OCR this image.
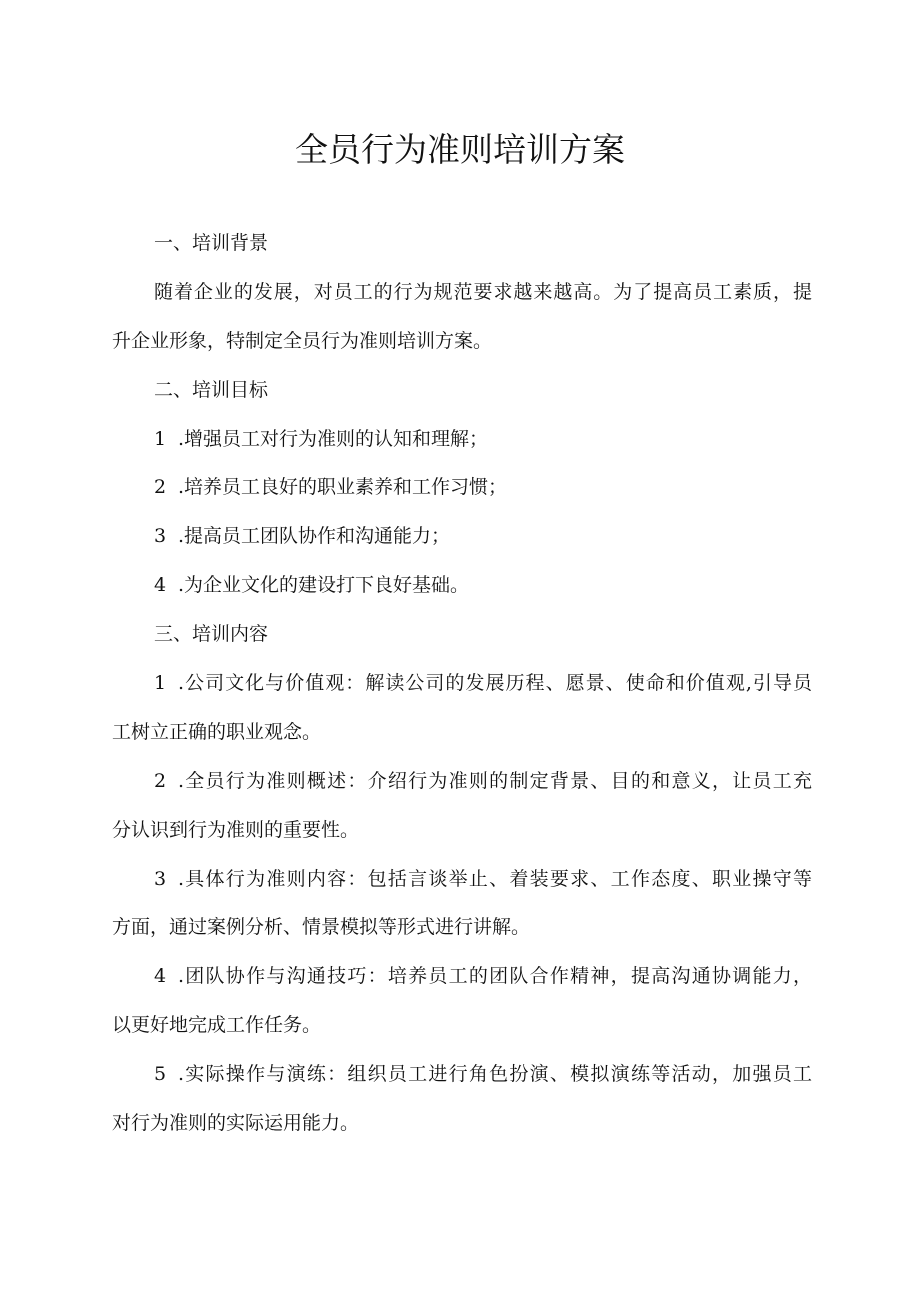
全员行为准则培训方案
一、培训背景
随着企业的发展，对员工的行为规范要求越来越高。为了提高员工素质，提
升企业形象，特制定全员行为准则培训方案。
二、培训目标
1 .增强员工对行为准则的认知和理解；
2 .培养员工良好的职业素养和工作习惯；
3 .提高员工团队协作和沟通能力；
4 .为企业文化的建设打下良好基础。
三、培训内容
1 .公司文化与价值观：解读公司的发展历程、愿景、使命和价值观,引导员
工树立正确的职业观念。
2 .全员行为准则概述：介绍行为准则的制定背景、目的和意义，让员工充
分认识到行为准则的重要性。
3 .具体行为准则内容：包括言谈举止、着装要求、工作态度、职业操守等
方面，通过案例分析、情景模拟等形式进行讲解。
4 .团队协作与沟通技巧：培养员工的团队合作精神，提高沟通协调能力，
以更好地完成工作任务。
5 .实际操作与演练：组织员工进行角色扮演、模拟演练等活动，加强员工
对行为准则的实际运用能力。
